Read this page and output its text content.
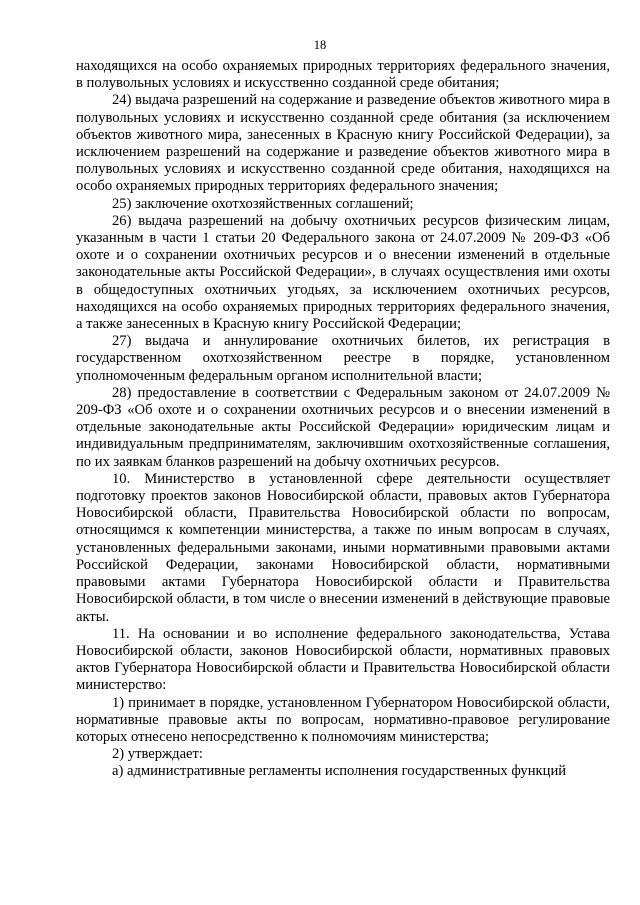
18

находящихся на особо охраняемых природных территориях федерального значения, в полувольных условиях и искусственно созданной среде обитания;

24) выдача разрешений на содержание и разведение объектов животного мира в полувольных условиях и искусственно созданной среде обитания (за исключением объектов животного мира, занесенных в Красную книгу Российской Федерации), за исключением разрешений на содержание и разведение объектов животного мира в полувольных условиях и искусственно созданной среде обитания, находящихся на особо охраняемых природных территориях федерального значения;

25) заключение охотхозяйственных соглашений;

26) выдача разрешений на добычу охотничьих ресурсов физическим лицам, указанным в части 1 статьи 20 Федерального закона от 24.07.2009 № 209-ФЗ «Об охоте и о сохранении охотничьих ресурсов и о внесении изменений в отдельные законодательные акты Российской Федерации», в случаях осуществления ими охоты в общедоступных охотничьих угодьях, за исключением охотничьих ресурсов, находящихся на особо охраняемых природных территориях федерального значения, а также занесенных в Красную книгу Российской Федерации;

27) выдача и аннулирование охотничьих билетов, их регистрация в государственном охотхозяйственном реестре в порядке, установленном уполномоченным федеральным органом исполнительной власти;

28) предоставление в соответствии с Федеральным законом от 24.07.2009 № 209-ФЗ «Об охоте и о сохранении охотничьих ресурсов и о внесении изменений в отдельные законодательные акты Российской Федерации» юридическим лицам и индивидуальным предпринимателям, заключившим охотхозяйственные соглашения, по их заявкам бланков разрешений на добычу охотничьих ресурсов.

10. Министерство в установленной сфере деятельности осуществляет подготовку проектов законов Новосибирской области, правовых актов Губернатора Новосибирской области, Правительства Новосибирской области по вопросам, относящимся к компетенции министерства, а также по иным вопросам в случаях, установленных федеральными законами, иными нормативными правовыми актами Российской Федерации, законами Новосибирской области, нормативными правовыми актами Губернатора Новосибирской области и Правительства Новосибирской области, в том числе о внесении изменений в действующие правовые акты.

11. На основании и во исполнение федерального законодательства, Устава Новосибирской области, законов Новосибирской области, нормативных правовых актов Губернатора Новосибирской области и Правительства Новосибирской области министерство:

1) принимает в порядке, установленном Губернатором Новосибирской области, нормативные правовые акты по вопросам, нормативно-правовое регулирование которых отнесено непосредственно к полномочиям министерства;

2) утверждает:

а) административные регламенты исполнения государственных функций
